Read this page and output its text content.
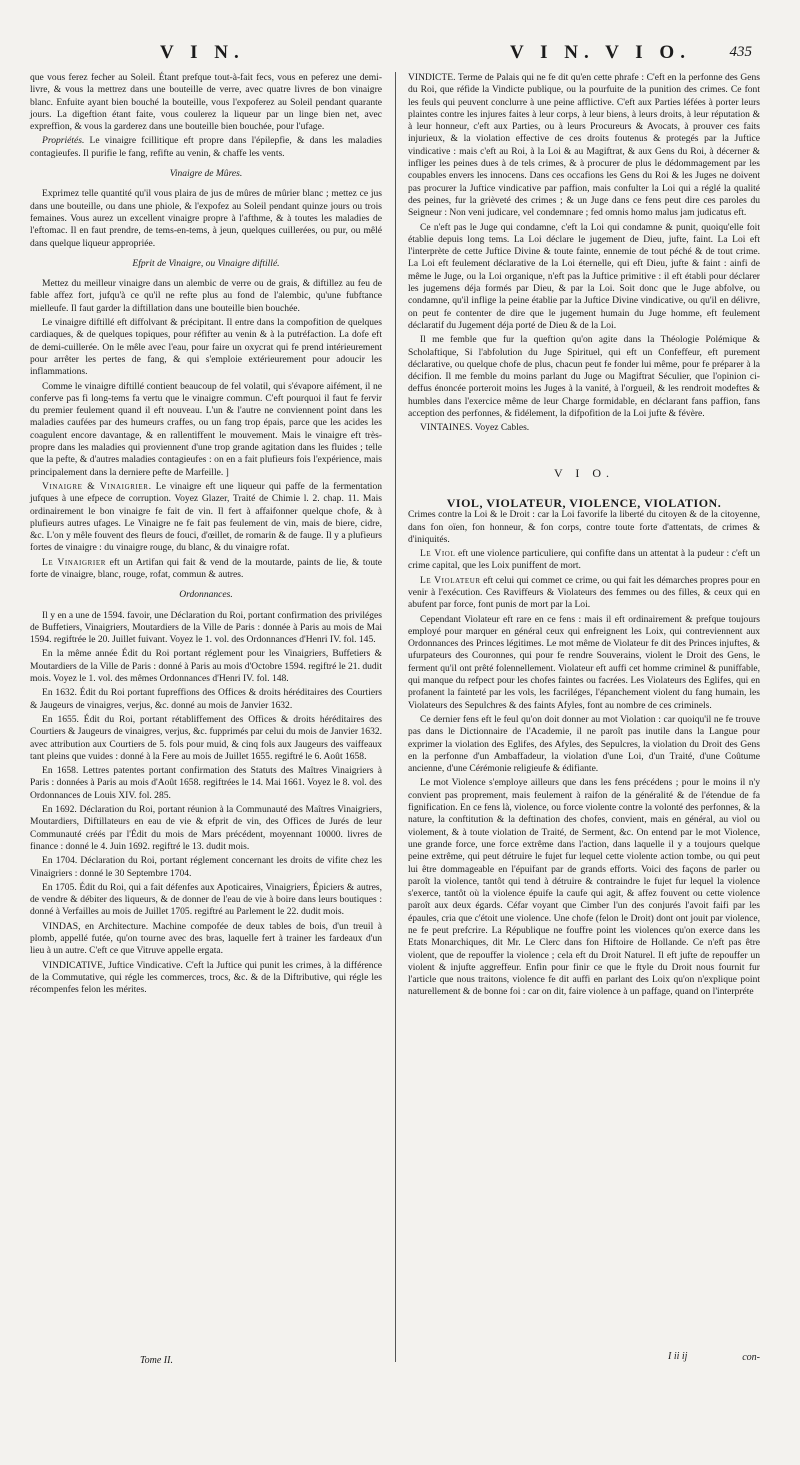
V I N.	V I N. V I O.	435

que vous ferez fecher au Soleil. Étant prefque tout-à-fait fecs, vous en peferez une demi-livre, & vous la mettrez dans une bouteille de verre, avec quatre livres de bon vinaigre blanc. Enfuite ayant bien bouché la bouteille, vous l'expoferez au Soleil pendant quarante jours. La digeftion étant faite, vous coulerez la liqueur par un linge bien net, avec expreffion, & vous la garderez dans une bouteille bien bouchée, pour l'ufage.

Propriétés. Le vinaigre fcillitique eft propre dans l'épilepfie, & dans les maladies contagieufes. Il purifie le fang, refifte au venin, & chaffe les vents.

Vinaigre de Mûres.

Exprimez telle quantité qu'il vous plaira de jus de mûres de mûrier blanc ; mettez ce jus dans une bouteille, ou dans une phiole, & l'expofez au Soleil pendant quinze jours ou trois femaines. Vous aurez un excellent vinaigre propre à l'afthme, & à toutes les maladies de l'eftomac. Il en faut prendre, de tems-en-tems, à jeun, quelques cuillerées, ou pur, ou mêlé dans quelque liqueur appropriée.

Efprit de Vinaigre, ou Vinaigre diftillé.

Mettez du meilleur vinaigre dans un alembic de verre ou de grais, & diftillez au feu de fable affez fort, jufqu'à ce qu'il ne refte plus au fond de l'alembic, qu'une fubftance mielleufe. Il faut garder la diftillation dans une bouteille bien bouchée.

Le vinaigre diftillé eft diffolvant & précipitant. Il entre dans la compofition de quelques cardiaques, & de quelques topiques, pour réfifter au venin & à la putréfaction. La dofe eft de demi-cuillerée. On le mêle avec l'eau, pour faire un oxycrat qui fe prend intérieurement pour arrêter les pertes de fang, & qui s'emploie extérieurement pour adoucir les inflammations.

Comme le vinaigre diftillé contient beaucoup de fel volatil, qui s'évapore aifément, il ne conferve pas fi long-tems fa vertu que le vinaigre commun. C'eft pourquoi il faut fe fervir du premier feulement quand il eft nouveau. L'un & l'autre ne conviennent point dans les maladies caufées par des humeurs craffes, ou un fang trop épais, parce que les acides les coagulent encore davantage, & en rallentiffent le mouvement. Mais le vinaigre eft très-propre dans les maladies qui proviennent d'une trop grande agitation dans les fluides ; telle que la pefte, & d'autres maladies contagieufes : on en a fait plufieurs fois l'expérience, mais principalement dans la derniere pefte de Marfeille. ]

Vinaigre & Vinaigrier. Le vinaigre eft une liqueur qui paffe de la fermentation jufques à une efpece de corruption. Voyez Glazer, Traité de Chimie l. 2. chap. 11. Mais ordinairement le bon vinaigre fe fait de vin. Il fert à affaifonner quelque chofe, & à plufieurs autres ufages. Le Vinaigre ne fe fait pas feulement de vin, mais de biere, cidre, &c. L'on y mêle fouvent des fleurs de fouci, d'œillet, de romarin & de fauge. Il y a plufieurs fortes de vinaigre : du vinaigre rouge, du blanc, & du vinaigre rofat.

Le Vinaigrier eft un Artifan qui fait & vend de la moutarde, paints de lie, & toute forte de vinaigre, blanc, rouge, rofat, commun & autres.

Ordonnances.

Il y en a une de 1594. favoir, une Déclaration du Roi, portant confirmation des priviléges de Buffetiers, Vinaigriers, Moutardiers de la Ville de Paris : donnée à Paris au mois de Mai 1594. regiftrée le 20. Juillet fuivant. Voyez le 1. vol. des Ordonnances d'Henri IV. fol. 145.

En la même année Édit du Roi portant réglement pour les Vinaigriers, Buffetiers & Moutardiers de la Ville de Paris : donné à Paris au mois d'Octobre 1594. regiftré le 21. dudit mois. Voyez le 1. vol. des mêmes Ordonnances d'Henri IV. fol. 148.

En 1632. Édit du Roi portant fupreffions des Offices & droits héréditaires des Courtiers & Jaugeurs de vinaigres, verjus, &c. donné au mois de Janvier 1632.

En 1655. Édit du Roi, portant rétabliffement des Offices & droits héréditaires des Courtiers & Jaugeurs de vinaigres, verjus, &c. fupprimés par celui du mois de Janvier 1632. avec attribution aux Courtiers de 5. fols pour muid, & cinq fols aux Jaugeurs des vaiffeaux tant pleins que vuides : donné à la Fere au mois de Juillet 1655. regiftré le 6. Août 1658.

En 1658. Lettres patentes portant confirmation des Statuts des Maîtres Vinaigriers à Paris : données à Paris au mois d'Août 1658. regiftrées le 14. Mai 1661. Voyez le 8. vol. des Ordonnances de Louis XIV. fol. 285.

En 1692. Déclaration du Roi, portant réunion à la Communauté des Maîtres Vinaigriers, Moutardiers, Diftillateurs en eau de vie & efprit de vin, des Offices de Jurés de leur Communauté créés par l'Édit du mois de Mars précédent, moyennant 10000. livres de finance : donné le 4. Juin 1692. regiftré le 13. dudit mois.

En 1704. Déclaration du Roi, portant réglement concernant les droits de vifite chez les Vinaigriers : donné le 30 Septembre 1704.

En 1705. Édit du Roi, qui a fait défenfes aux Apoticaires, Vinaigriers, Épiciers & autres, de vendre & débiter des liqueurs, & de donner de l'eau de vie à boire dans leurs boutiques : donné à Verfailles au mois de Juillet 1705. regiftré au Parlement le 22. dudit mois.

VINDAS, en Architecture. Machine compofée de deux tables de bois, d'un treuil à plomb, appellé futée, qu'on tourne avec des bras, laquelle fert à trainer les fardeaux d'un lieu à un autre. C'eft ce que Vitruve appelle ergata.

VINDICATIVE, Juftice Vindicative. C'eft la Juftice qui punit les crimes, à la différence de la Commutative, qui régle les commerces, trocs, &c. & de la Diftributive, qui régle les récompenfes felon les mérites.

VINDICTE. Terme de Palais qui ne fe dit qu'en cette phrafe : C'eft en la perfonne des Gens du Roi, que réfide la Vindicte publique, ou la pourfuite de la punition des crimes. Ce font les feuls qui peuvent conclurre à une peine afflictive. C'eft aux Parties léfées à porter leurs plaintes contre les injures faites à leur corps, à leur biens, à leurs droits, à leur réputation & à leur honneur, c'eft aux Parties, ou à leurs Procureurs & Avocats, à prouver ces faits injurieux, & la violation effective de ces droits foutenus & protegés par la Juftice vindicative : mais c'eft au Roi, à la Loi & au Magiftrat, & aux Gens du Roi, à décerner & infliger les peines dues à de tels crimes, & à procurer de plus le dédommagement par les coupables envers les innocens. Dans ces occafions les Gens du Roi & les Juges ne doivent pas procurer la Juftice vindicative par paffion, mais confulter la Loi qui a réglé la qualité des peines, fur la grièveté des crimes ; & un Juge dans ce fens peut dire ces paroles du Seigneur : Non veni judicare, vel condemnare ; fed omnis homo malus jam judicatus eft.

Ce n'eft pas le Juge qui condamne, c'eft la Loi qui condamne & punit, quoiqu'elle foit établie depuis long tems. La Loi déclare le jugement de Dieu, jufte, faint. La Loi eft l'interprète de cette Juftice Divine & toute fainte, ennemie de tout péché & de tout crime. La Loi eft feulement déclarative de la Loi éternelle, qui eft Dieu, jufte & faint : ainfi de même le Juge, ou la Loi organique, n'eft pas la Juftice primitive : il eft établi pour déclarer les jugemens déja formés par Dieu, & par la Loi. Soit donc que le Juge abfolve, ou condamne, qu'il inflige la peine établie par la Juftice Divine vindicative, ou qu'il en délivre, on peut fe contenter de dire que le jugement humain du Juge homme, eft feulement déclaratif du Jugement déja porté de Dieu & de la Loi.

Il me femble que fur la queftion qu'on agite dans la Théologie Polémique & Scholaftique, Si l'abfolution du Juge Spirituel, qui eft un Confeffeur, eft purement déclarative, ou quelque chofe de plus, chacun peut fe fonder lui même, pour fe préparer à la décifion. Il me femble du moins parlant du Juge ou Magiftrat Séculier, que l'opinion ci-deffus énoncée porteroit moins les Juges à la vanité, à l'orgueil, & les rendroit modeftes & humbles dans l'exercice même de leur Charge formidable, en déclarant fans paffion, fans acception des perfonnes, & fidélement, la difpofition de la Loi jufte & févère.

VINTAINES. Voyez Cables.

V I O.
VIOL, VIOLATEUR, VIOLENCE, VIOLATION.

Crimes contre la Loi & le Droit : car la Loi favorife la liberté du citoyen & de la citoyenne, dans fon oïen, fon honneur, & fon corps, contre toute forte d'attentats, de crimes & d'iniquités.

Le Viol eft une violence particuliere, qui confifte dans un attentat à la pudeur : c'eft un crime capital, que les Loix puniffent de mort.

Le Violateur eft celui qui commet ce crime, ou qui fait les démarches propres pour en venir à l'exécution. Ces Raviffeurs & Violateurs des femmes ou des filles, & ceux qui en abufent par force, font punis de mort par la Loi.

Cependant Violateur eft rare en ce fens : mais il eft ordinairement & prefque toujours employé pour marquer en général ceux qui enfreignent les Loix, qui contreviennent aux Ordonnances des Princes légitimes. Le mot même de Violateur fe dit des Princes injuftes, & ufurpateurs des Couronnes, qui pour fe rendre Souverains, violent le Droit des Gens, le ferment qu'il ont prêté folennellement. Violateur eft auffi cet homme criminel & puniffable, qui manque du refpect pour les chofes faintes ou facrées. Les Violateurs des Eglifes, qui en profanent la fainteté par les vols, les facriléges, l'épanchement violent du fang humain, les Violateurs des Sepulchres & des faints Afyles, font au nombre de ces criminels.

Ce dernier fens eft le feul qu'on doit donner au mot Violation : car quoiqu'il ne fe trouve pas dans le Dictionnaire de l'Academie, il ne paroît pas inutile dans la Langue pour exprimer la violation des Eglifes, des Afyles, des Sepulcres, la violation du Droit des Gens en la perfonne d'un Ambaffadeur, la violation d'une Loi, d'un Traité, d'une Coûtume ancienne, d'une Cérémonie religieufe & édifiante.

Le mot Violence s'employe ailleurs que dans les fens précédens ; pour le moins il n'y convient pas proprement, mais feulement à raifon de la généralité & de l'étendue de fa fignification. En ce fens là, violence, ou force violente contre la volonté des perfonnes, & la nature, la conftitution & la deftination des chofes, convient, mais en général, au viol ou violement, & à toute violation de Traité, de Serment, &c. On entend par le mot Violence, une grande force, une force extrême dans l'action, dans laquelle il y a toujours quelque peine extrême, qui peut détruire le fujet fur lequel cette violente action tombe, ou qui peut lui être dommageable en l'épuifant par de grands efforts. Voici des façons de parler ou paroît la violence, tantôt qui tend à détruire & contraindre le fujet fur lequel la violence s'exerce, tantôt où la violence épuife la caufe qui agit, & affez fouvent ou cette violence paroît aux deux égards. Céfar voyant que Cimber l'un des conjurés l'avoit faifi par les épaules, cria que c'étoit une violence. Une chofe (felon le Droit) dont ont jouit par violence, ne fe peut prefcrire. La République ne fouffre point les violences qu'on exerce dans les Etats Monarchiques, dit Mr. Le Clerc dans fon Hiftoire de Hollande. Ce n'eft pas être violent, que de repouffer la violence ; cela eft du Droit Naturel. Il eft jufte de repouffer un violent & injufte aggreffeur. Enfin pour finir ce que le ftyle du Droit nous fournit fur l'article que nous traitons, violence fe dit auffi en parlant des Loix qu'on n'explique point naturellement & de bonne foi : car on dit, faire violence à un paffage, quand on l'interpréte

Tome II.	I ii ij	con-
